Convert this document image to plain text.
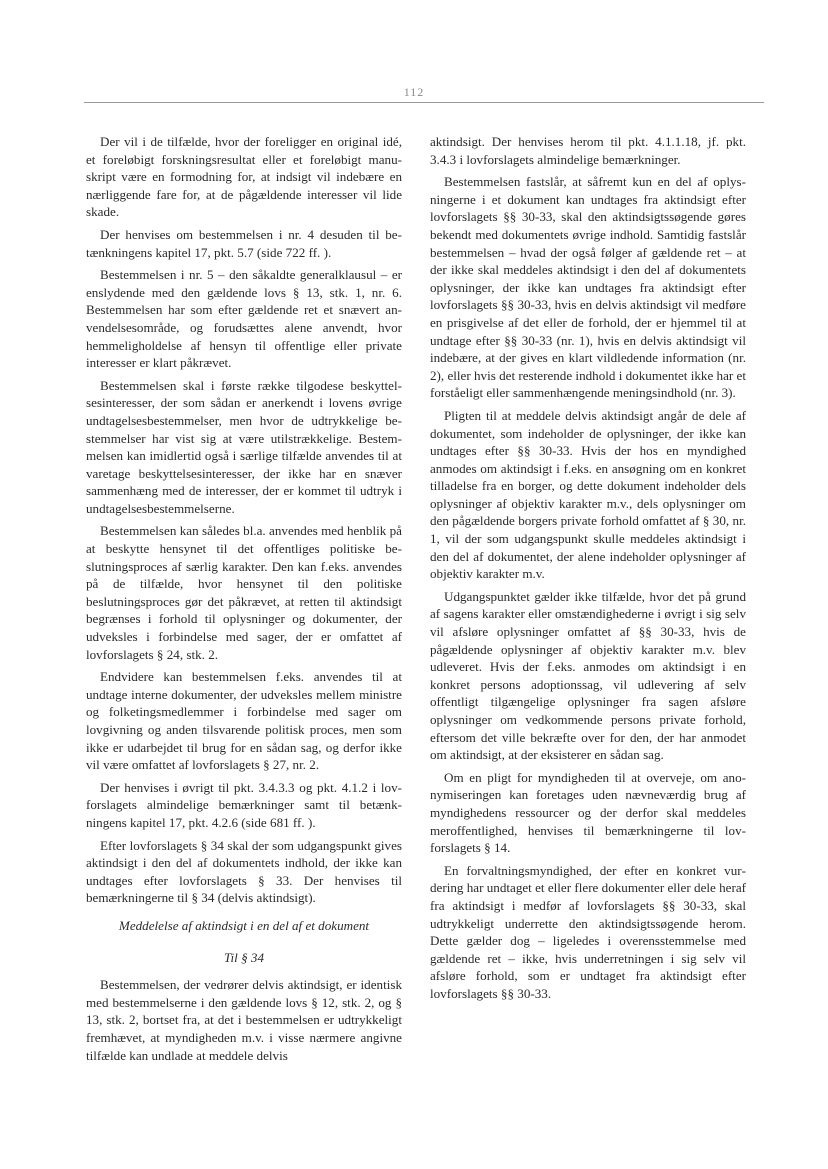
112

Der vil i de tilfælde, hvor der foreligger en original idé, et foreløbigt forskningsresultat eller et foreløbigt manuskript være en formodning for, at indsigt vil indebære en nærliggende fare for, at de pågældende interesser vil lide skade.

Der henvises om bestemmelsen i nr. 4 desuden til betænkningens kapitel 17, pkt. 5.7 (side 722 ff. ).

Bestemmelsen i nr. 5 – den såkaldte generalklausul – er enslydende med den gældende lovs § 13, stk. 1, nr. 6. Bestemmelsen har som efter gældende ret et snævert anvendelsesområde, og forudsættes alene anvendt, hvor hemmeligholdelse af hensyn til offentlige eller private interesser er klart påkrævet.

Bestemmelsen skal i første række tilgodese beskyttelsesinteresser, der som sådan er anerkendt i lovens øvrige undtagelsesbestemmelser, men hvor de udtrykkelige bestemmelser har vist sig at være utilstrækkelige. Bestemmelsen kan imidlertid også i særlige tilfælde anvendes til at varetage beskyttelsesinteresser, der ikke har en snæver sammenhæng med de interesser, der er kommet til udtryk i undtagelsesbestemmelserne.

Bestemmelsen kan således bl.a. anvendes med henblik på at beskytte hensynet til det offentliges politiske beslutningsproces af særlig karakter. Den kan f.eks. anvendes på de tilfælde, hvor hensynet til den politiske beslutningsproces gør det påkrævet, at retten til aktindsigt begrænses i forhold til oplysninger og dokumenter, der udveksles i forbindelse med sager, der er omfattet af lovforslagets § 24, stk. 2.

Endvidere kan bestemmelsen f.eks. anvendes til at undtage interne dokumenter, der udveksles mellem ministre og folketingsmedlemmer i forbindelse med sager om lovgivning og anden tilsvarende politisk proces, men som ikke er udarbejdet til brug for en sådan sag, og derfor ikke vil være omfattet af lovforslagets § 27, nr. 2.

Der henvises i øvrigt til pkt. 3.4.3.3 og pkt. 4.1.2 i lovforslagets almindelige bemærkninger samt til betænkningens kapitel 17, pkt. 4.2.6 (side 681 ff. ).

Efter lovforslagets § 34 skal der som udgangspunkt gives aktindsigt i den del af dokumentets indhold, der ikke kan undtages efter lovforslagets § 33. Der henvises til bemærkningerne til § 34 (delvis aktindsigt).

Meddelelse af aktindsigt i en del af et dokument

Til § 34

Bestemmelsen, der vedrører delvis aktindsigt, er identisk med bestemmelserne i den gældende lovs § 12, stk. 2, og § 13, stk. 2, bortset fra, at det i bestemmelsen er udtrykkeligt fremhævet, at myndigheden m.v. i visse nærmere angivne tilfælde kan undlade at meddele delvis

aktindsigt. Der henvises herom til pkt. 4.1.1.18, jf. pkt. 3.4.3 i lovforslagets almindelige bemærkninger.

Bestemmelsen fastslår, at såfremt kun en del af oplysningerne i et dokument kan undtages fra aktindsigt efter lovforslagets §§ 30-33, skal den aktindsigtssøgende gøres bekendt med dokumentets øvrige indhold. Samtidig fastslår bestemmelsen – hvad der også følger af gældende ret – at der ikke skal meddeles aktindsigt i den del af dokumentets oplysninger, der ikke kan undtages fra aktindsigt efter lovforslagets §§ 30-33, hvis en delvis aktindsigt vil medføre en prisgivelse af det eller de forhold, der er hjemmel til at undtage efter §§ 30-33 (nr. 1), hvis en delvis aktindsigt vil indebære, at der gives en klart vildledende information (nr. 2), eller hvis det resterende indhold i dokumentet ikke har et forståeligt eller sammenhængende meningsindhold (nr. 3).

Pligten til at meddele delvis aktindsigt angår de dele af dokumentet, som indeholder de oplysninger, der ikke kan undtages efter §§ 30-33. Hvis der hos en myndighed anmodes om aktindsigt i f.eks. en ansøgning om en konkret tilladelse fra en borger, og dette dokument indeholder dels oplysninger af objektiv karakter m.v., dels oplysninger om den pågældende borgers private forhold omfattet af § 30, nr. 1, vil der som udgangspunkt skulle meddeles aktindsigt i den del af dokumentet, der alene indeholder oplysninger af objektiv karakter m.v.

Udgangspunktet gælder ikke tilfælde, hvor det på grund af sagens karakter eller omstændighederne i øvrigt i sig selv vil afsløre oplysninger omfattet af §§ 30-33, hvis de pågældende oplysninger af objektiv karakter m.v. blev udleveret. Hvis der f.eks. anmodes om aktindsigt i en konkret persons adoptionssag, vil udlevering af selv offentligt tilgængelige oplysninger fra sagen afsløre oplysninger om vedkommende persons private forhold, eftersom det ville bekræfte over for den, der har anmodet om aktindsigt, at der eksisterer en sådan sag.

Om en pligt for myndigheden til at overveje, om anonymiseringen kan foretages uden nævneværdig brug af myndighedens ressourcer og der derfor skal meddeles meroffentlighed, henvises til bemærkningerne til lovforslagets § 14.

En forvaltningsmyndighed, der efter en konkret vurdering har undtaget et eller flere dokumenter eller dele heraf fra aktindsigt i medfør af lovforslagets §§ 30-33, skal udtrykkeligt underrette den aktindsigtssøgende herom. Dette gælder dog – ligeledes i overensstemmelse med gældende ret – ikke, hvis underretningen i sig selv vil afsløre forhold, som er undtaget fra aktindsigt efter lovforslagets §§ 30-33.
